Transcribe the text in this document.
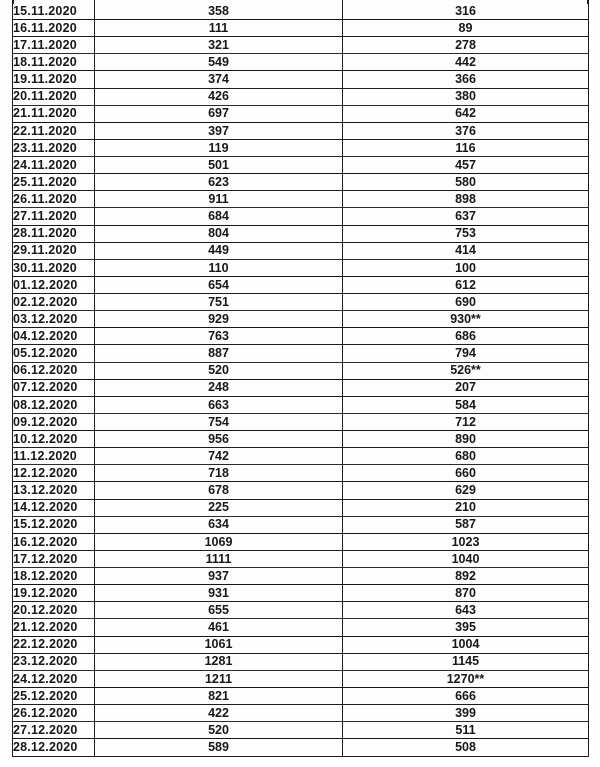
15.11.2020	358	316
16.11.2020	111	89
17.11.2020	321	278
18.11.2020	549	442
19.11.2020	374	366
20.11.2020	426	380
21.11.2020	697	642
22.11.2020	397	376
23.11.2020	119	116
24.11.2020	501	457
25.11.2020	623	580
26.11.2020	911	898
27.11.2020	684	637
28.11.2020	804	753
29.11.2020	449	414
30.11.2020	110	100
01.12.2020	654	612
02.12.2020	751	690
03.12.2020	929	930**
04.12.2020	763	686
05.12.2020	887	794
06.12.2020	520	526**
07.12.2020	248	207
08.12.2020	663	584
09.12.2020	754	712
10.12.2020	956	890
11.12.2020	742	680
12.12.2020	718	660
13.12.2020	678	629
14.12.2020	225	210
15.12.2020	634	587
16.12.2020	1069	1023
17.12.2020	1111	1040
18.12.2020	937	892
19.12.2020	931	870
20.12.2020	655	643
21.12.2020	461	395
22.12.2020	1061	1004
23.12.2020	1281	1145
24.12.2020	1211	1270**
25.12.2020	821	666
26.12.2020	422	399
27.12.2020	520	511
28.12.2020	589	508
